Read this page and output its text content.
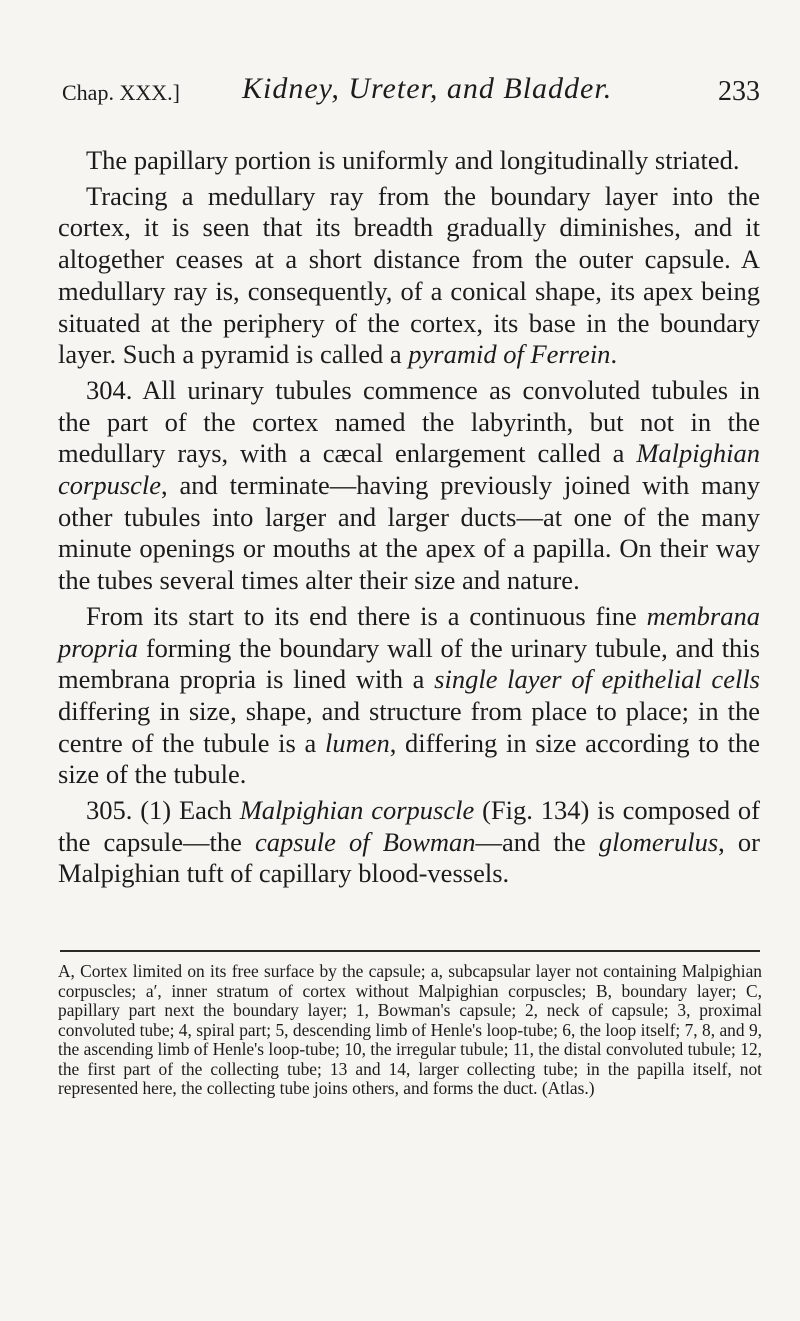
Chap. XXX.] Kidney, Ureter, and Bladder.	233

The papillary portion is uniformly and longitudinally striated.

Tracing a medullary ray from the boundary layer into the cortex, it is seen that its breadth gradually diminishes, and it altogether ceases at a short distance from the outer capsule. A medullary ray is, consequently, of a conical shape, its apex being situated at the periphery of the cortex, its base in the boundary layer. Such a pyramid is called a pyramid of Ferrein.

304. All urinary tubules commence as convoluted tubules in the part of the cortex named the labyrinth, but not in the medullary rays, with a cæcal enlargement called a Malpighian corpuscle, and terminate—having previously joined with many other tubules into larger and larger ducts—at one of the many minute openings or mouths at the apex of a papilla. On their way the tubes several times alter their size and nature.

From its start to its end there is a continuous fine membrana propria forming the boundary wall of the urinary tubule, and this membrana propria is lined with a single layer of epithelial cells differing in size, shape, and structure from place to place; in the centre of the tubule is a lumen, differing in size according to the size of the tubule.

305. (1) Each Malpighian corpuscle (Fig. 134) is composed of the capsule—the capsule of Bowman—and the glomerulus, or Malpighian tuft of capillary blood-vessels.

A, Cortex limited on its free surface by the capsule; a, subcapsular layer not containing Malpighian corpuscles; a′, inner stratum of cortex without Malpighian corpuscles; B, boundary layer; C, papillary part next the boundary layer; 1, Bowman's capsule; 2, neck of capsule; 3, proximal convoluted tube; 4, spiral part; 5, descending limb of Henle's loop-tube; 6, the loop itself; 7, 8, and 9, the ascending limb of Henle's loop-tube; 10, the irregular tubule; 11, the distal convoluted tubule; 12, the first part of the collecting tube; 13 and 14, larger collecting tube; in the papilla itself, not represented here, the collecting tube joins others, and forms the duct. (Atlas.)
